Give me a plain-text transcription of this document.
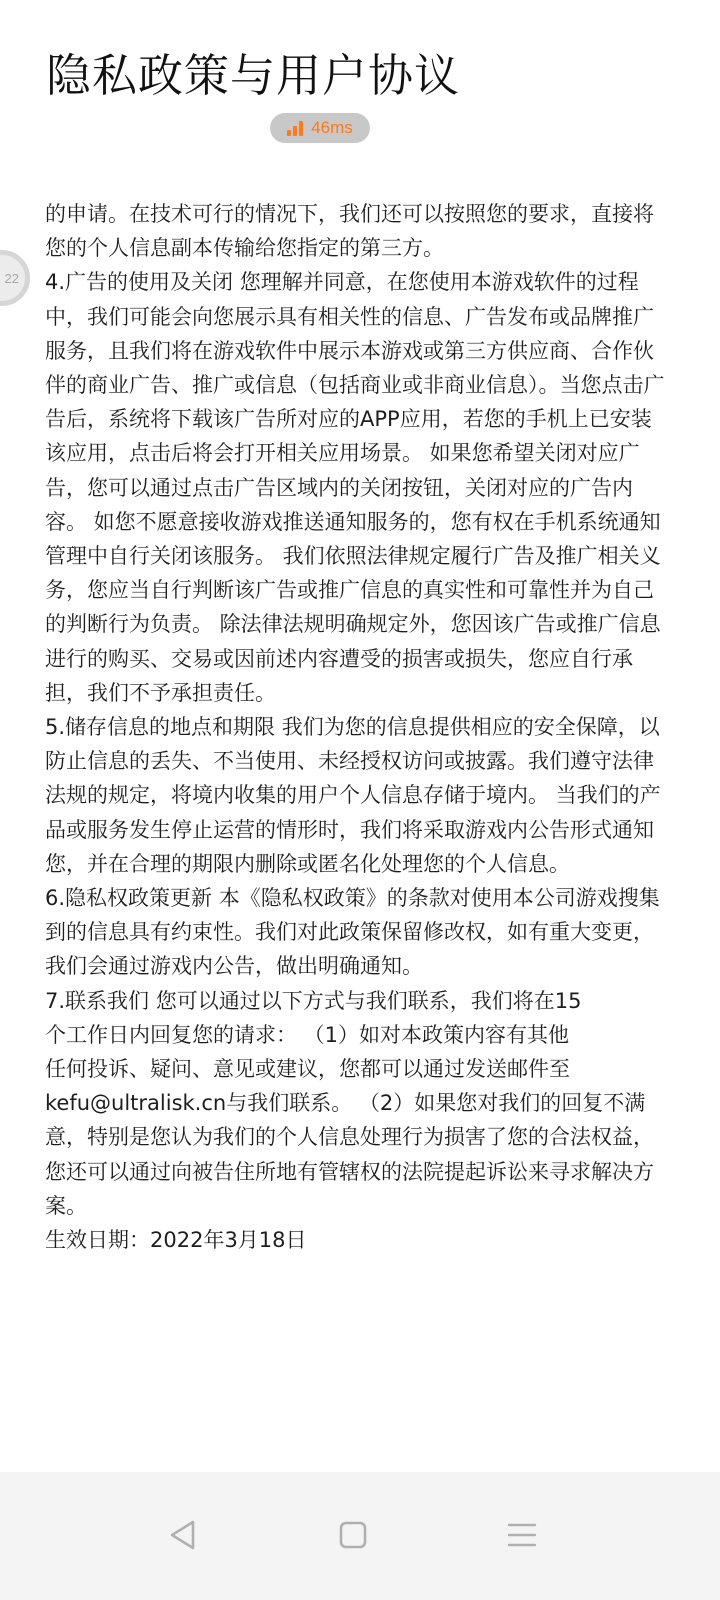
隐私政策与用户协议
46ms
22

的申请。在技术可行的情况下，我们还可以按照您的要求，直接将您的个人信息副本传输给您指定的第三方。

4.广告的使用及关闭 您理解并同意，在您使用本游戏软件的过程中，我们可能会向您展示具有相关性的信息、广告发布或品牌推广服务，且我们将在游戏软件中展示本游戏或第三方供应商、合作伙伴的商业广告、推广或信息（包括商业或非商业信息）。当您点击广告后，系统将下载该广告所对应的APP应用，若您的手机上已安装该应用，点击后将会打开相关应用场景。 如果您希望关闭对应广告，您可以通过点击广告区域内的关闭按钮，关闭对应的广告内容。 如您不愿意接收游戏推送通知服务的，您有权在手机系统通知管理中自行关闭该服务。 我们依照法律规定履行广告及推广相关义务，您应当自行判断该广告或推广信息的真实性和可靠性并为自己的判断行为负责。 除法律法规明确规定外，您因该广告或推广信息进行的购买、交易或因前述内容遭受的损害或损失，您应自行承担，我们不予承担责任。

5.储存信息的地点和期限 我们为您的信息提供相应的安全保障，以防止信息的丢失、不当使用、未经授权访问或披露。我们遵守法律法规的规定，将境内收集的用户个人信息存储于境内。 当我们的产品或服务发生停止运营的情形时，我们将采取游戏内公告形式通知您，并在合理的期限内删除或匿名化处理您的个人信息。

6.隐私权政策更新 本《隐私权政策》的条款对使用本公司游戏搜集到的信息具有约束性。我们对此政策保留修改权，如有重大变更，我们会通过游戏内公告，做出明确通知。

7.联系我们 您可以通过以下方式与我们联系，我们将在15
个工作日内回复您的请求： （1）如对本政策内容有其他
任何投诉、疑问、意见或建议，您都可以通过发送邮件至
kefu@ultralisk.cn与我们联系。 （2）如果您对我们的回复不满意，特别是您认为我们的个人信息处理行为损害了您的合法权益，您还可以通过向被告住所地有管辖权的法院提起诉讼来寻求解决方案。

生效日期：2022年3月18日
